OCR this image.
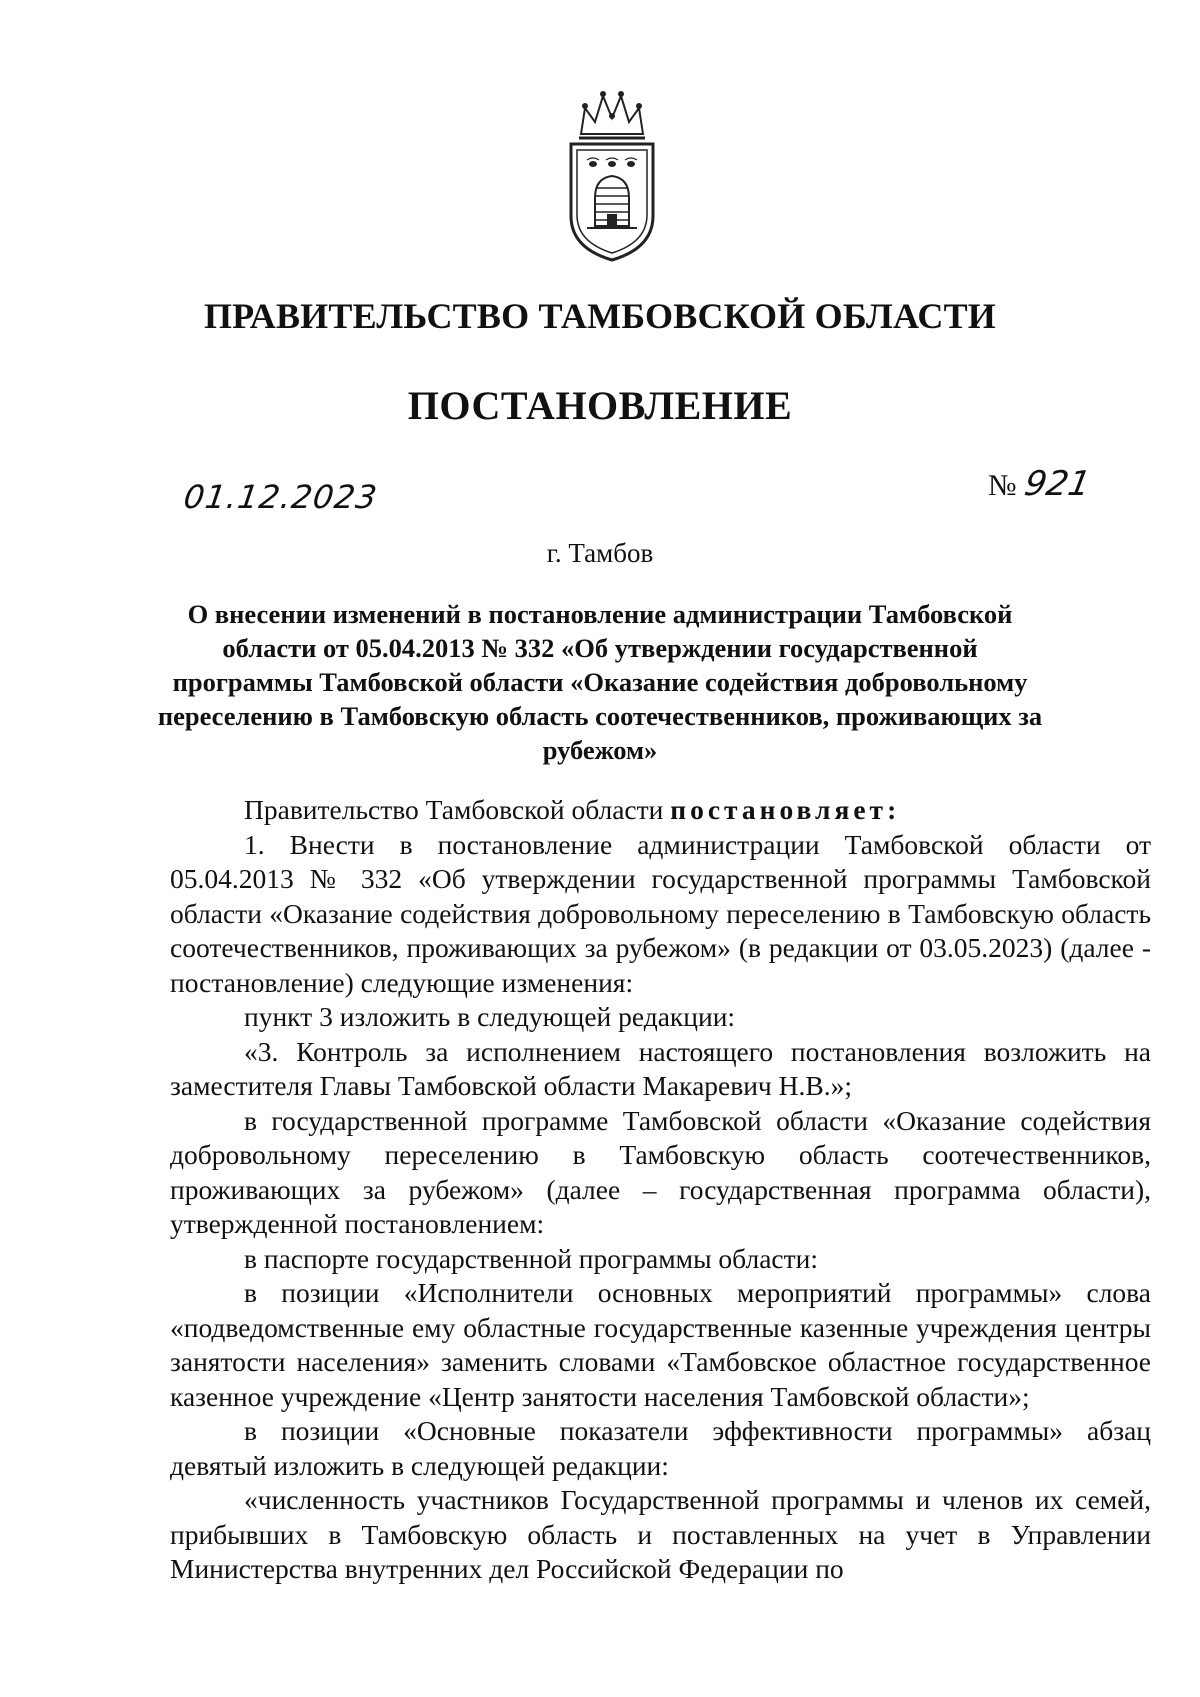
ПРАВИТЕЛЬСТВО ТАМБОВСКОЙ ОБЛАСТИ
ПОСТАНОВЛЕНИЕ
01.12.2023	№ 921
г. Тамбов
О внесении изменений в постановление администрации Тамбовской области от 05.04.2013 № 332 «Об утверждении государственной программы Тамбовской области «Оказание содействия добровольному переселению в Тамбовскую область соотечественников, проживающих за рубежом»

Правительство Тамбовской области постановляет:

1. Внести в постановление администрации Тамбовской области от 05.04.2013 № 332 «Об утверждении государственной программы Тамбовской области «Оказание содействия добровольному переселению в Тамбовскую область соотечественников, проживающих за рубежом» (в редакции от 03.05.2023) (далее - постановление) следующие изменения:

пункт 3 изложить в следующей редакции:

«3. Контроль за исполнением настоящего постановления возложить на заместителя Главы Тамбовской области Макаревич Н.В.»;

в государственной программе Тамбовской области «Оказание содействия добровольному переселению в Тамбовскую область соотечественников, проживающих за рубежом» (далее – государственная программа области), утвержденной постановлением:

в паспорте государственной программы области:

в позиции «Исполнители основных мероприятий программы» слова «подведомственные ему областные государственные казенные учреждения центры занятости населения» заменить словами «Тамбовское областное государственное казенное учреждение «Центр занятости населения Тамбовской области»;

в позиции «Основные показатели эффективности программы» абзац девятый изложить в следующей редакции:

«численность участников Государственной программы и членов их семей, прибывших в Тамбовскую область и поставленных на учет в Управлении Министерства внутренних дел Российской Федерации по
